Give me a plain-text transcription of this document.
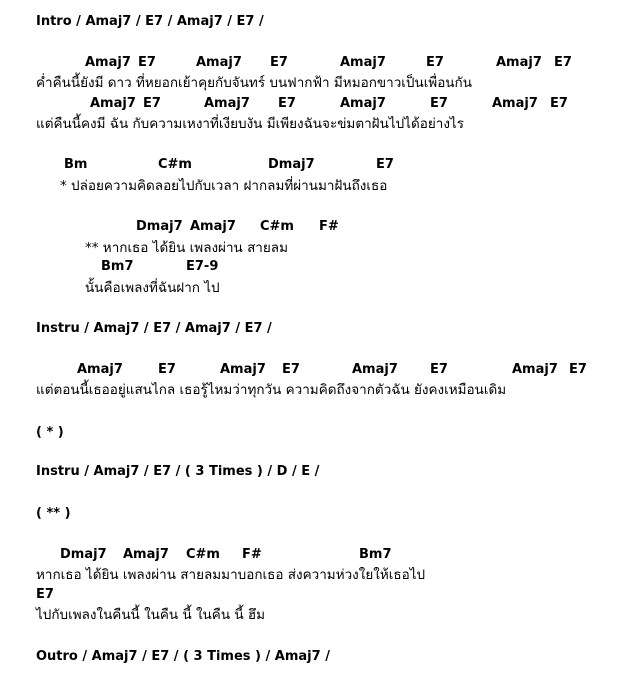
Intro / Amaj7 / E7 / Amaj7 / E7 /
Amaj7 E7	Amaj7 E7	Amaj7	E7	Amaj7 E7
ค่ำคืนนี้ยังมี ดาว ที่หยอกเย้าคุยกับจันทร์ บนฟากฟ้า มีหมอกขาวเป็นเพื่อนกัน
Amaj7 E7	Amaj7 E7	Amaj7	E7	Amaj7 E7
แต่คืนนี้คงมี ฉัน กับความเหงาที่เงียบงัน มีเพียงฉันจะข่มตาฝันไปได้อย่างไร
Bm	C#m	Dmaj7	E7
* ปล่อยความคิดลอยไปกับเวลา ฝากลมที่ผ่านมาฝันถึงเธอ
Dmaj7 Amaj7 C#m F#
** หากเธอ ได้ยิน เพลงผ่าน สายลม
Bm7	E7-9
นั้นคือเพลงที่ฉันฝาก ไป
Instru / Amaj7 / E7 / Amaj7 / E7 /
Amaj7	E7	Amaj7 E7	Amaj7 E7	Amaj7 E7
แต่ตอนนี้เธออยู่แสนไกล เธอรู้ไหมว่าทุกวัน ความคิดถึงจากตัวฉัน ยังคงเหมือนเดิม
( * )
Instru / Amaj7 / E7 / ( 3 Times ) / D / E /
( ** )
Dmaj7 Amaj7 C#m F#	Bm7
หากเธอ ได้ยิน เพลงผ่าน สายลมมาบอกเธอ ส่งความห่วงใยให้เธอไป
E7
ไปกับเพลงในคืนนี้ ในคืน นี้ ในคืน นี้ ฮึม
Outro / Amaj7 / E7 / ( 3 Times ) / Amaj7 /
